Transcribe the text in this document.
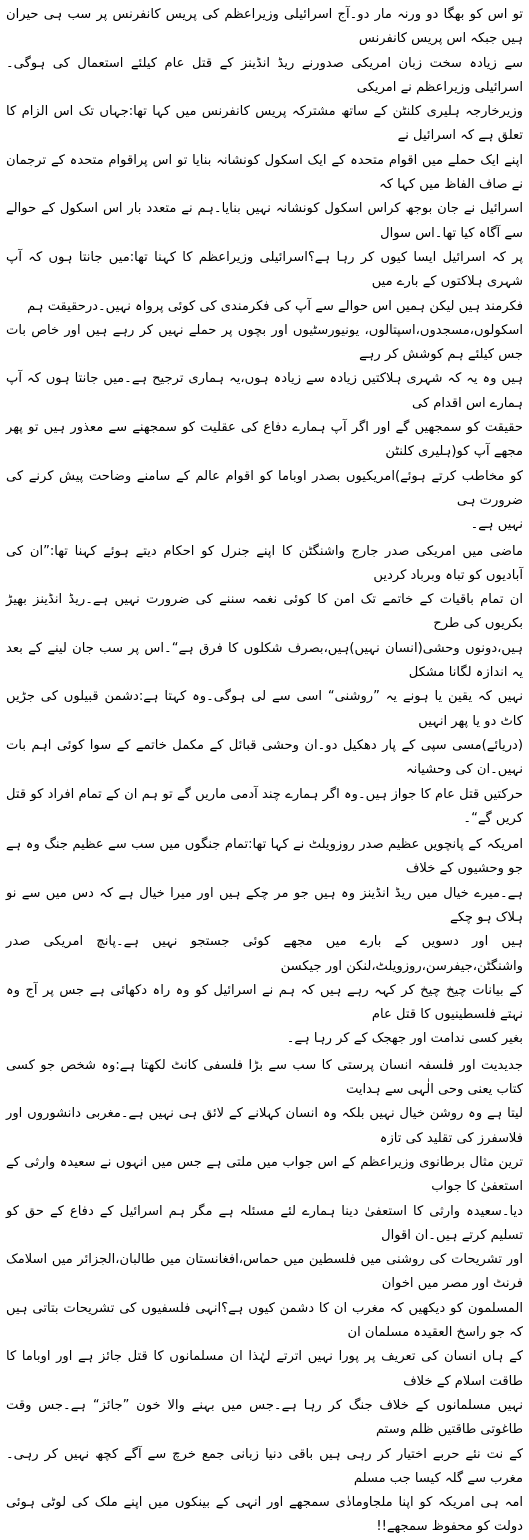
تو اس کو بھگا دو ورنہ مار دو۔آج اسرائیلی وزیراعظم کی پریس کانفرنس پر سب ہی حیران ہیں جبکہ اس پریس کانفرنس
سے زیادہ سخت زبان امریکی صدورنے ریڈ انڈینز کے قتل عام کیلئے استعمال کی ہوگی۔اسرائیلی وزیراعظم نے امریکی
وزیرخارجہ ہلیری کلنٹن کے ساتھ مشترکہ پریس کانفرنس میں کہا تھا:جہاں تک اس الزام کا تعلق ہے کہ اسرائیل نے
اپنے ایک حملے میں اقوام متحدہ کے ایک اسکول کونشانہ بنایا تو اس پراقوام متحدہ کے ترجمان نے صاف الفاظ میں کہا کہ
اسرائیل نے جان بوجھ کراس اسکول کونشانہ نہیں بنایا۔ہم نے متعدد بار اس اسکول کے حوالے سے آگاہ کیا تھا۔اس سوال
پر کہ اسرائیل ایسا کیوں کر رہا ہے؟اسرائیلی وزیراعظم کا کہنا تھا:میں جانتا ہوں کہ آپ شہری ہلاکتوں کے بارے میں
فکرمند ہیں لیکن ہمیں اس حوالے سے آپ کی فکرمندی کی کوئی پرواہ نہیں۔درحقیقت ہم
اسکولوں،مسجدوں،اسپتالوں، یونیورسٹیوں اور بچوں پر حملے نہیں کر رہے ہیں اور خاص بات جس کیلئے ہم کوشش کر رہے
ہیں وہ یہ کہ شہری ہلاکتیں زیادہ سے زیادہ ہوں،یہ ہماری ترجیح ہے۔میں جانتا ہوں کہ آپ ہمارے اس اقدام کی
حقیقت کو سمجھیں گے اور اگر آپ ہمارے دفاع کی عقلیت کو سمجھنے سے معذور ہیں تو پھر مجھے آپ کو(ہلیری کلنٹن
کو مخاطب کرتے ہوئے)امریکیوں بصدر اوباما کو اقوام عالم کے سامنے وضاحت پیش کرنے کی ضرورت ہی
نہیں ہے۔

ماضی میں امریکی صدر جارج واشنگٹن کا اپنے جنرل کو احکام دیتے ہوئے کہنا تھا:”ان کی آبادیوں کو تباہ وبرباد کردیں
ان تمام باقیات کے خاتمے تک امن کا کوئی نغمہ سننے کی ضرورت نہیں ہے۔ریڈ انڈینز بھیڑ بکریوں کی طرح
ہیں،دونوں وحشی(انسان نہیں)ہیں،بصرف شکلوں کا فرق ہے“۔اس پر سب جان لینے کے بعد یہ اندازہ لگانا مشکل
نہیں کہ یقین یا ہونے یہ ”روشنی“ اسی سے لی ہوگی۔وہ کہتا ہے:دشمن قبیلوں کی جڑیں کاٹ دو یا پھر انہیں
(دریائے)مسی سپی کے پار دھکیل دو۔ان وحشی قبائل کے مکمل خاتمے کے سوا کوئی اہم بات نہیں۔ان کی وحشیانہ
حرکتیں قتل عام کا جواز ہیں۔وہ اگر ہمارے چند آدمی ماریں گے تو ہم ان کے تمام افراد کو قتل کریں گے“۔

امریکہ کے پانچویں عظیم صدر روزویلٹ نے کہا تھا:تمام جنگوں میں سب سے عظیم جنگ وہ ہے جو وحشیوں کے خلاف
ہے۔میرے خیال میں ریڈ انڈینز وہ ہیں جو مر چکے ہیں اور میرا خیال ہے کہ دس میں سے نو ہلاک ہو چکے
ہیں اور دسویں کے بارے میں مجھے کوئی جستجو نہیں ہے۔پانچ امریکی صدر واشنگٹن،جیفرسن،روزویلٹ،لنکن اور جیکسن
کے بیانات چیخ چیخ کر کہہ رہے ہیں کہ ہم نے اسرائیل کو وہ راہ دکھائی ہے جس پر آج وہ نہتے فلسطینیوں کا قتل عام
بغیر کسی ندامت اور جھجک کے کر رہا ہے۔

جدیدیت اور فلسفہ انسان پرستی کا سب سے بڑا فلسفی کانٹ لکھتا ہے:وہ شخص جو کسی کتاب یعنی وحی الٰہی سے ہدایت
لیتا ہے وہ روشن خیال نہیں بلکہ وہ انسان کہلانے کے لائق ہی نہیں ہے۔مغربی دانشوروں اور فلاسفرز کی تقلید کی تازہ
ترین مثال برطانوی وزیراعظم کے اس جواب میں ملتی ہے جس میں انہوں نے سعیدہ وارثی کے استعفیٰ کا جواب
دیا۔سعیدہ وارثی کا استعفیٰ دینا ہمارے لئے مسئلہ ہے مگر ہم اسرائیل کے دفاع کے حق کو تسلیم کرتے ہیں۔ان اقوال
اور تشریحات کی روشنی میں فلسطین میں حماس،افغانستان میں طالبان،الجزائر میں اسلامک فرنٹ اور مصر میں اخوان
المسلمون کو دیکھیں کہ مغرب ان کا دشمن کیوں ہے؟انہی فلسفیوں کی تشریحات بتاتی ہیں کہ جو راسخ العقیدہ مسلمان ان
کے ہاں انسان کی تعریف پر پورا نہیں اترتے لہٰذا ان مسلمانوں کا قتل جائز ہے اور اوباما کا طاقت اسلام کے خلاف
نہیں مسلمانوں کے خلاف جنگ کر رہا ہے۔جس میں بہنے والا خون ”جائز“ ہے۔جس وقت طاغوتی طاقتیں ظلم وستم
کے نت نئے حربے اختیار کر رہی ہیں باقی دنیا زبانی جمع خرچ سے آگے کچھ نہیں کر رہی۔مغرب سے گلہ کیسا جب مسلم
امہ ہی امریکہ کو اپنا ملجاومادٰی سمجھے اور انہی کے بینکوں میں اپنے ملک کی لوٹی ہوئی دولت کو محفوظ سمجھے!!
